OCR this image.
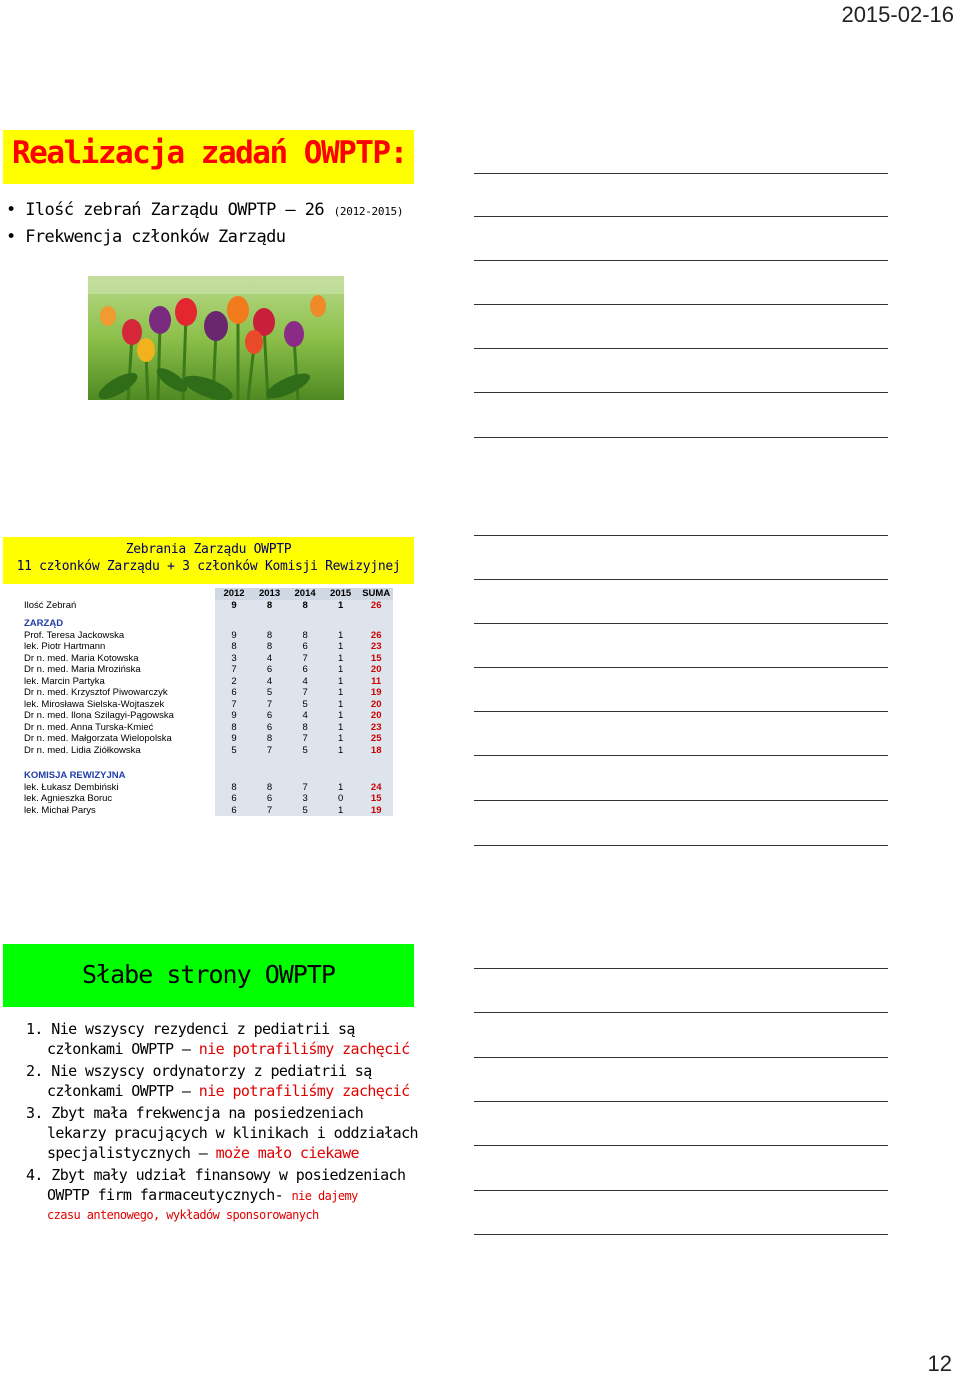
2015-02-16
Realizacja zadań OWPTP:
• Ilość zebrań Zarządu OWPTP – 26 (2012-2015)
• Frekwencja członków Zarządu
Zebrania Zarządu OWPTP
11 członków Zarządu + 3 członków Komisji Rewizyjnej
	2012	2013	2014	2015	SUMA
Ilość Zebrań	9	8	8	1	26

ZARZĄD					
Prof. Teresa Jackowska	9	8	8	1	26
lek. Piotr Hartmann	8	8	6	1	23
Dr n. med. Maria Kotowska	3	4	7	1	15
Dr n. med. Maria Mrozińska	7	6	6	1	20
lek. Marcin Partyka	2	4	4	1	11
Dr n. med. Krzysztof Piwowarczyk	6	5	7	1	19
lek. Mirosława Sielska-Wojtaszek	7	7	5	1	20
Dr n. med. Ilona Szilagyi-Pągowska	9	6	4	1	20
Dr n. med. Anna Turska-Kmieć	8	6	8	1	23
Dr n. med. Małgorzata Wielopolska	9	8	7	1	25
Dr n. med. Lidia Ziółkowska	5	7	5	1	18

KOMISJA REWIZYJNA					
lek. Łukasz Dembiński	8	8	7	1	24
lek. Agnieszka Boruc	6	6	3	0	15
lek. Michał Parys	6	7	5	1	19
Słabe strony OWPTP
1. Nie wszyscy rezydenci z pediatrii są
członkami OWPTP – nie potrafiliśmy zachęcić
2. Nie wszyscy ordynatorzy z pediatrii są
członkami OWPTP – nie potrafiliśmy zachęcić
3. Zbyt mała frekwencja na posiedzeniach
lekarzy pracujących w klinikach i oddziałach
specjalistycznych – może mało ciekawe
4. Zbyt mały udział finansowy w posiedzeniach
OWPTP firm farmaceutycznych- nie dajemy
czasu antenowego, wykładów sponsorowanych
12
